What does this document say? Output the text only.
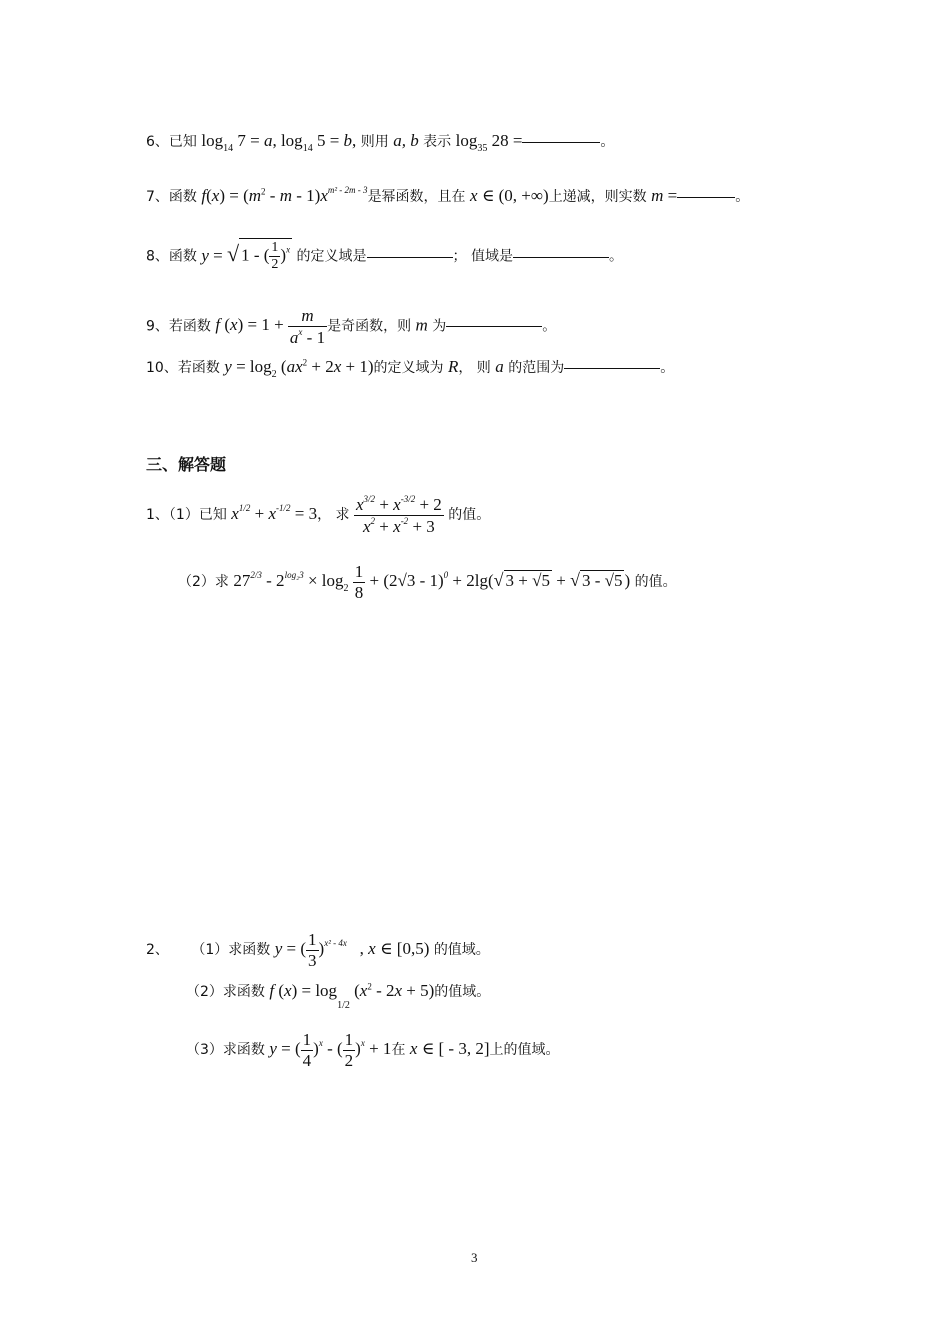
6、已知 $\log_{14} 7 = a$, $\log_{14} 5 = b$, 则用 a, b 表示 $\log_{35} 28$ =	。
7、函数 $f(x) = (m^2 - m - 1)x^{m^2 - 2m - 3}$是幂函数，且在 x ∈ (0, +∞)上递减，则实数 m =	。
8、函数 y = √ 1 - ( $\frac{1}{2} )^x$ 的定义域是	； 值域是	。
9、若函数 f $(x) = 1 + \frac{m}{a^x - 1}$ 是奇函数，则 m 为	。
10、若函数 $y = \log_2 (ax^2 + 2x + 1)$的定义域为 R， 则 a 的范围为	。
三、解答题
1、（1）已知 $x^{1/2} + x^{-1/2} = 3$， 求 $\frac{x^{3/2} + x^{-3/2} + 2}{x^2 + x^{-2} + 3}$ 的值。
（2）求 $27^{2/3} - 2^{log_23} \times \log_2 \frac{1}{8} + (2√3 - 1)^0 + 2\lg(√$ 3 + √5 + √ 3 - √5 ) 的值。
2、 （1）求函数 y = ( $\frac{1}{3} )^{x^2 - 4x}$   , x ∈ [0,5) 的值域。
（2）求函数 f $(x) = \log_{1/2} (x^2 - 2x + 5)$的值域。
（3）求函数 y = ( $\frac{1}{4} )^x$ - ( $\frac{1}{2} )^x + 1$在 x ∈ [ - 3, 2]上的值域。
3
